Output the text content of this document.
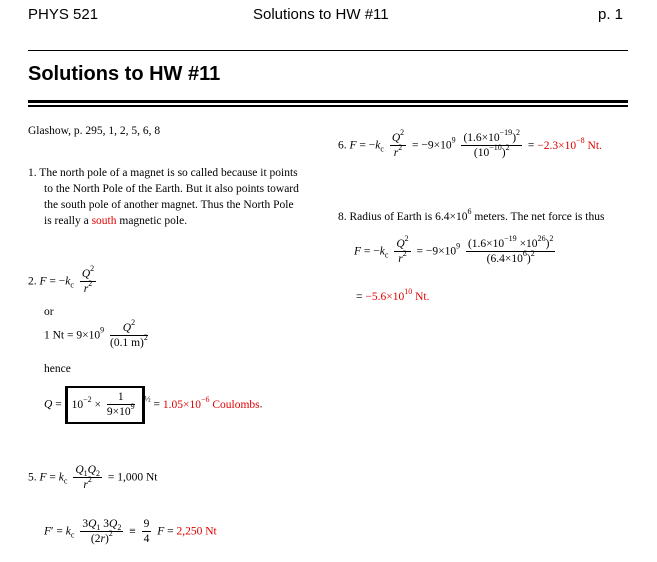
PHYS 521	Solutions to HW #11	p. 1
Solutions to HW #11
Glashow, p. 295, 1, 2, 5, 6, 8
1. The north pole of a magnet is so called because it points
to the North Pole of the Earth. But it also points toward
the south pole of another magnet. Thus the North Pole
is really a south magnetic pole.
2. $F = -k_c \frac{Q^2}{r^2}$
or
1 $Nt = 9\times 10^9 \frac{Q^2}{(0.1 m)^2}$
hence
$Q = 10^{-2} \times \frac{1}{9\times 10^9} ^{\frac{1}{2}} = 1.05\times 10^{-6}$ Coulombs.
5. $F = k_c \frac{Q_1Q_2}{r^2} = 1,000$ Nt
$F' = k_c \frac{3Q_1 3Q_2}{(2r)^2} \equiv \frac{9}{4}$ F = 2,250 Nt
6. $F = -k_c \frac{Q^2}{r^2} = -9\times 10^9 \frac{(1.6\times 10^{-19})^2}{(10^{-10})^2} = -2.3\times 10^{-8}$ Nt.
8. Radius of Earth is $6.4\times 10^6$ meters. The net force is thus
$F = -k_c \frac{Q^2}{r^2} = -9\times 10^9 \frac{(1.6\times 10^{-19} \times 10^{26})^2}{(6.4\times 10^6)^2}$
= $-5.6\times 10^{10}$ Nt.
